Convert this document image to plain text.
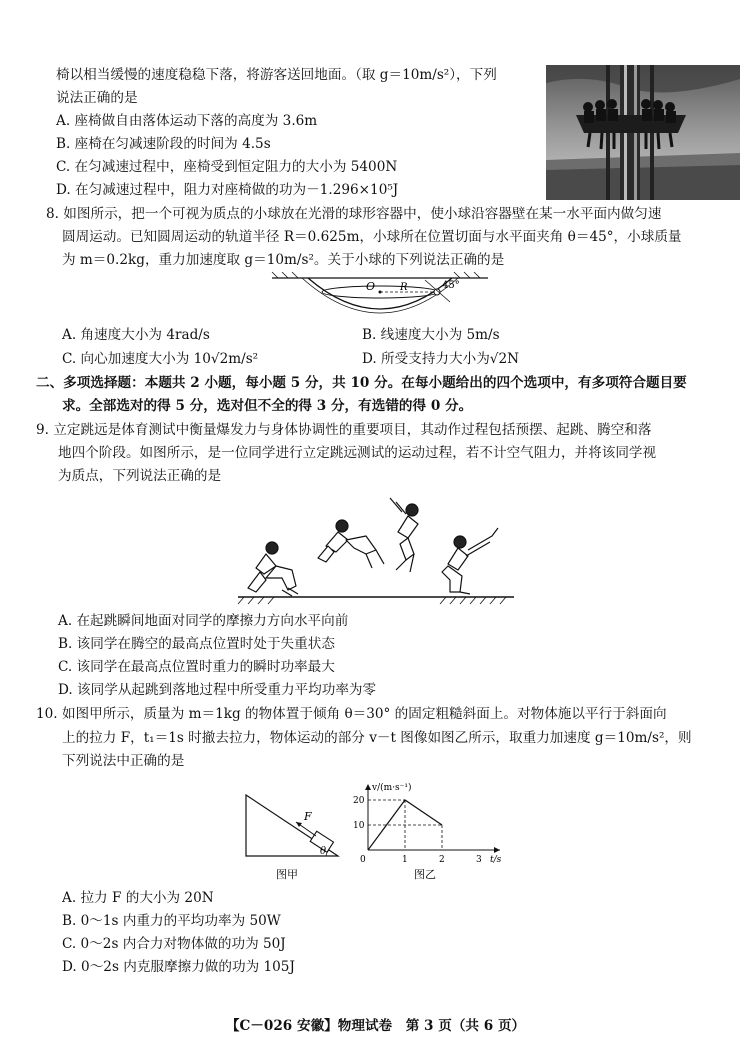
椅以相当缓慢的速度稳稳下落，将游客送回地面。（取 g＝10m/s²），下列
说法正确的是
A. 座椅做自由落体运动下落的高度为 3.6m
B. 座椅在匀减速阶段的时间为 4.5s
C. 在匀减速过程中，座椅受到恒定阻力的大小为 5400N
D. 在匀减速过程中，阻力对座椅做的功为－1.296×10⁵J
8. 如图所示，把一个可视为质点的小球放在光滑的球形容器中，使小球沿容器壁在某一水平面内做匀速
圆周运动。已知圆周运动的轨道半径 R＝0.625m，小球所在位置切面与水平面夹角 θ＝45°，小球质量
为 m＝0.2kg，重力加速度取 g＝10m/s²。关于小球的下列说法正确的是
O R	45°
A. 角速度大小为 4rad/s	B. 线速度大小为 5m/s
C. 向心加速度大小为 10√2m/s²	D. 所受支持力大小为√2N
二、多项选择题：本题共 2 小题，每小题 5 分，共 10 分。在每小题给出的四个选项中，有多项符合题目要
求。全部选对的得 5 分，选对但不全的得 3 分，有选错的得 0 分。
9. 立定跳远是体育测试中衡量爆发力与身体协调性的重要项目，其动作过程包括预摆、起跳、腾空和落
地四个阶段。如图所示，是一位同学进行立定跳远测试的运动过程，若不计空气阻力，并将该同学视
为质点，下列说法正确的是
A. 在起跳瞬间地面对同学的摩擦力方向水平向前
B. 该同学在腾空的最高点位置时处于失重状态
C. 该同学在最高点位置时重力的瞬时功率最大
D. 该同学从起跳到落地过程中所受重力平均功率为零
10. 如图甲所示，质量为 m＝1kg 的物体置于倾角 θ＝30° 的固定粗糙斜面上。对物体施以平行于斜面向
上的拉力 F，t₁＝1s 时撤去拉力，物体运动的部分 v－t 图像如图乙所示，取重力加速度 g＝10m/s²，则
下列说法中正确的是
F
θ
图甲
v/(m·s⁻¹)
t/s
0
20
10
1	2	3
图乙
A. 拉力 F 的大小为 20N
B. 0～1s 内重力的平均功率为 50W
C. 0～2s 内合力对物体做的功为 50J
D. 0～2s 内克服摩擦力做的功为 105J
【C－026 安徽】物理试卷　第 3 页（共 6 页）
